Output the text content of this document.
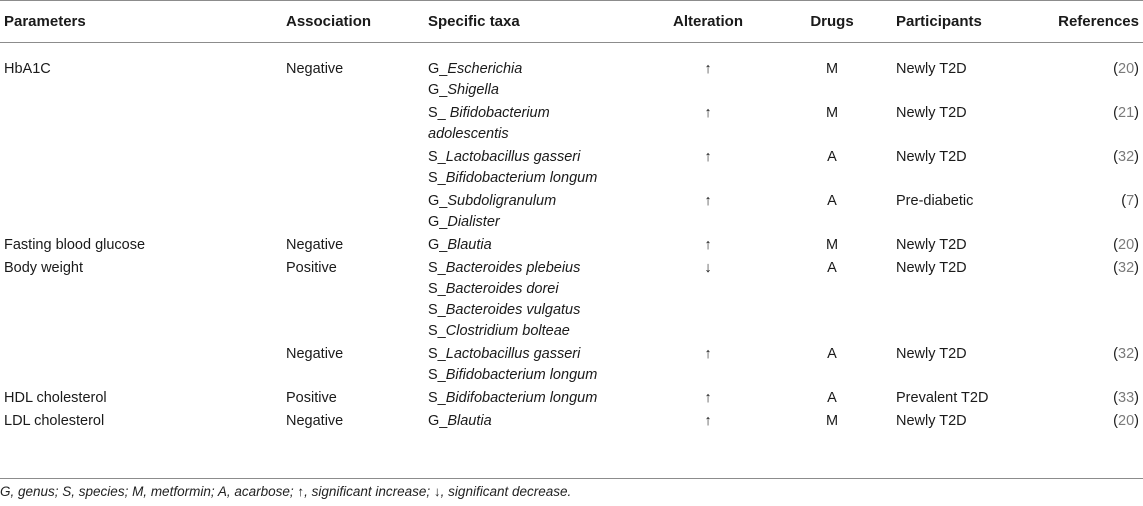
Parameters	Association	Specific taxa	Alteration	Drugs	Participants	References

HbA1C	Negative	G_Escherichia
G_Shigella	↑	M	Newly T2D	(20)

		S_ Bifidobacterium
adolescentis	↑	M	Newly T2D	(21)

		S_Lactobacillus gasseri
S_Bifidobacterium longum	↑	A	Newly T2D	(32)

		G_Subdoligranulum
G_Dialister	↑	A	Pre-diabetic	(7)

Fasting blood glucose	Negative	G_Blautia	↑	M	Newly T2D	(20)

Body weight	Positive	S_Bacteroides plebeius
S_Bacteroides dorei
S_Bacteroides vulgatus
S_Clostridium bolteae	↓	A	Newly T2D	(32)

	Negative	S_Lactobacillus gasseri
S_Bifidobacterium longum	↑	A	Newly T2D	(32)

HDL cholesterol	Positive	S_Bidifobacterium longum	↑	A	Prevalent T2D	(33)

LDL cholesterol	Negative	G_Blautia	↑	M	Newly T2D	(20)
G, genus; S, species; M, metformin; A, acarbose; ↑, significant increase; ↓, significant decrease.
